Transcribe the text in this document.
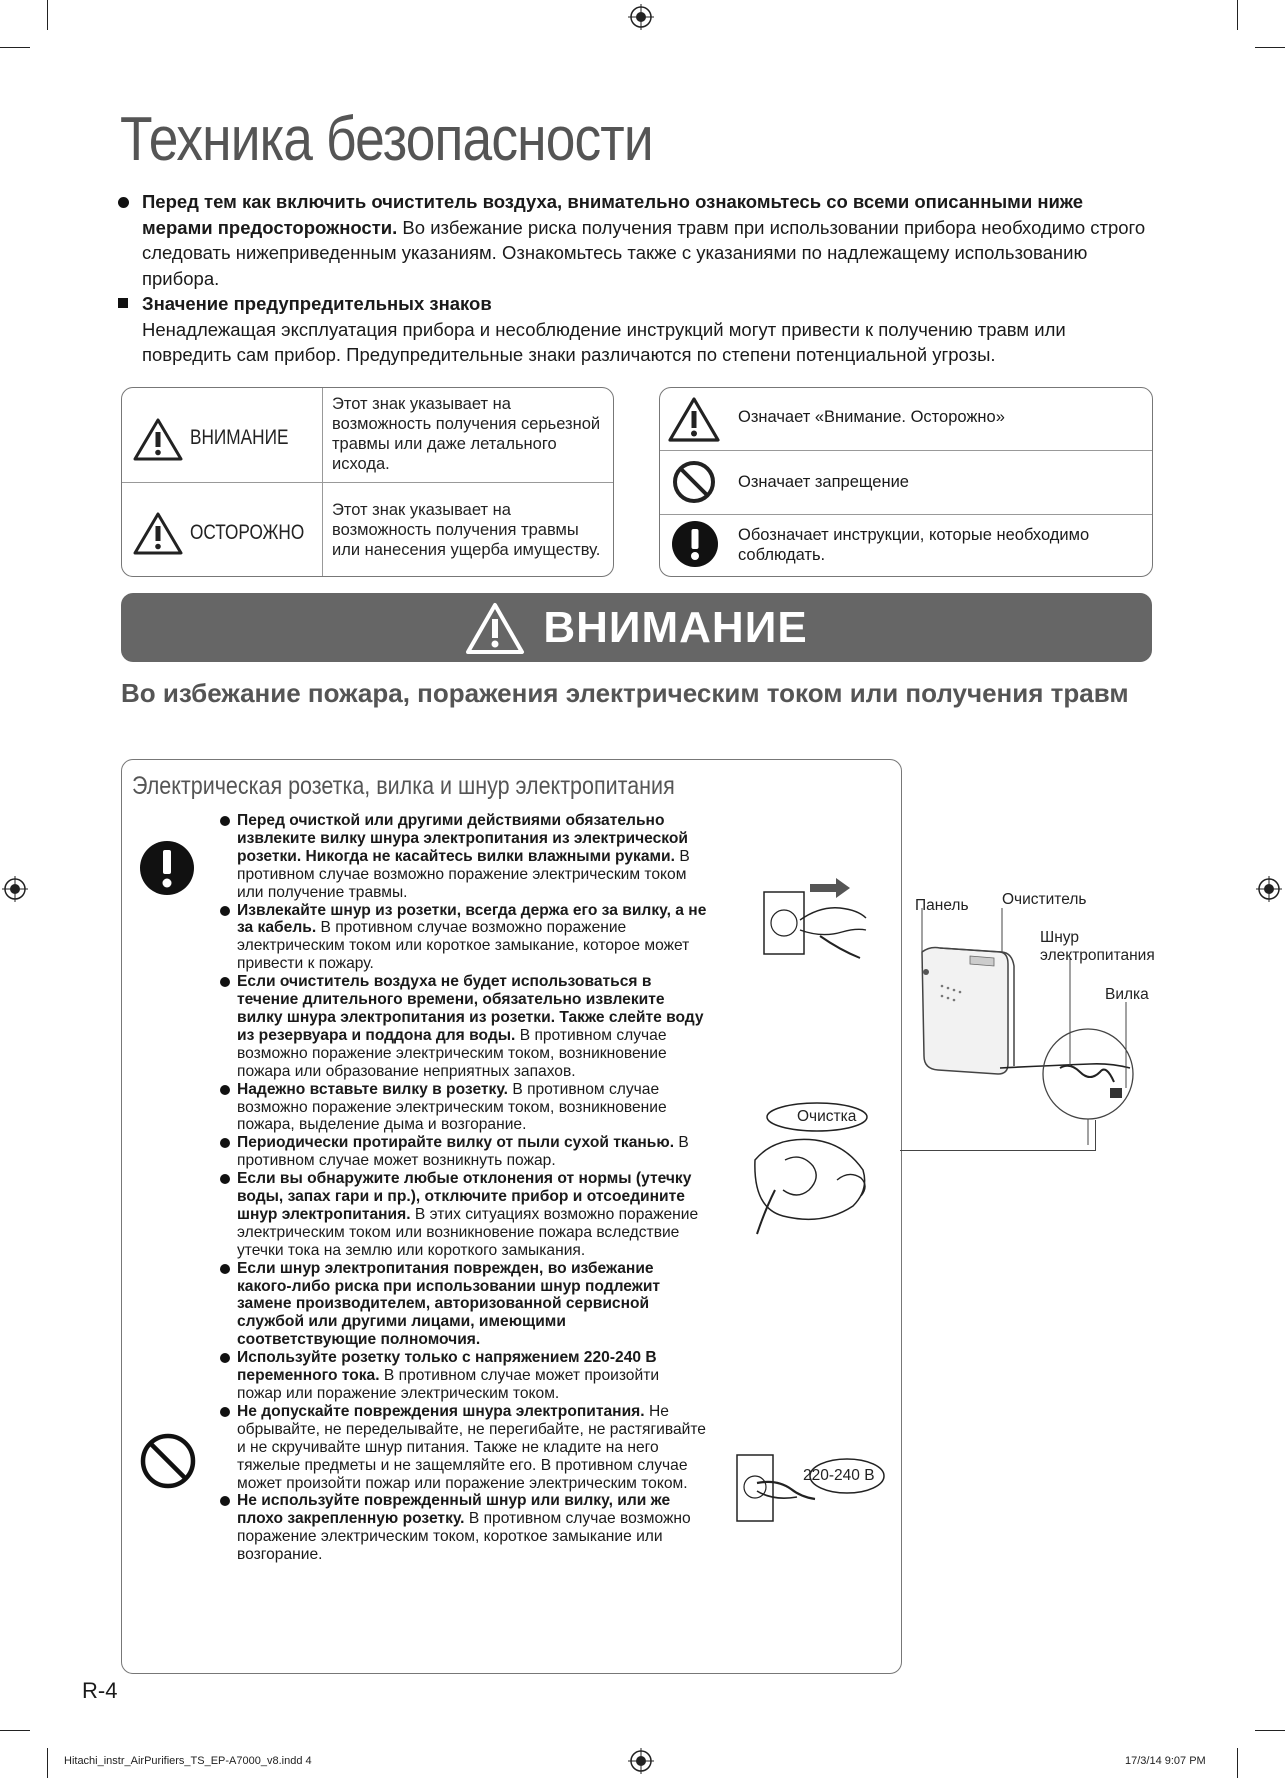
Техника безопасности

Перед тем как включить очиститель воздуха, внимательно ознакомьтесь со всеми описанными ниже мерами предосторожности. Во избежание риска получения травм при использовании прибора необходимо строго следовать нижеприведенным указаниям. Ознакомьтесь также с указаниями по надлежащему использованию прибора.

Значение предупредительных знаков
Ненадлежащая эксплуатация прибора и несоблюдение инструкций могут привести к получению травм или повредить сам прибор. Предупредительные знаки различаются по степени потенциальной угрозы.

ВНИМАНИЕ
Этот знак указывает на возможность получения серьезной травмы или даже летального исхода.
ОСТОРОЖНО
Этот знак указывает на возможность получения травмы или нанесения ущерба имуществу.
Означает «Внимание. Осторожно»
Означает запрещение
Обозначает инструкции, которые необходимо соблюдать.
ВНИМАНИЕ
Во избежание пожара, поражения электрическим током или получения травм
Электрическая розетка, вилка и шнур электропитания

Перед очисткой или другими действиями обязательно извлеките вилку шнура электропитания из электрической розетки. Никогда не касайтесь вилки влажными руками. В противном случае возможно поражение электрическим током или получение травмы.

Извлекайте шнур из розетки, всегда держа его за вилку, а не за кабель. В противном случае возможно поражение электрическим током или короткое замыкание, которое может привести к пожару.

Если очиститель воздуха не будет использоваться в течение длительного времени, обязательно извлеките вилку шнура электропитания из розетки. Также слейте воду из резервуара и поддона для воды. В противном случае возможно поражение электрическим током, возникновение пожара или образование неприятных запахов.

Надежно вставьте вилку в розетку. В противном случае возможно поражение электрическим током, возникновение пожара, выделение дыма и возгорание.

Периодически протирайте вилку от пыли сухой тканью. В противном случае может возникнуть пожар.

Если вы обнаружите любые отклонения от нормы (утечку воды, запах гари и пр.), отключите прибор и отсоедините шнур электропитания. В этих ситуациях возможно поражение электрическим током или возникновение пожара вследствие утечки тока на землю или короткого замыкания.

Если шнур электропитания поврежден, во избежание какого-либо риска при использовании шнур подлежит замене производителем, авторизованной сервисной службой или другими лицами, имеющими соответствующие полномочия.

Используйте розетку только с напряжением 220-240 В переменного тока. В противном случае может произойти пожар или поражение электрическим током.

Не допускайте повреждения шнура электропитания. Не обрывайте, не переделывайте, не перегибайте, не растягивайте и не скручивайте шнур питания. Также не кладите на него тяжелые предметы и не защемляйте его. В противном случае может произойти пожар или поражение электрическим током.

Не используйте поврежденный шнур или вилку, или же плохо закрепленную розетку. В противном случае возможно поражение электрическим током, короткое замыкание или возгорание.

Панель Очиститель
Шнур электропитания
Вилка
Очистка
220-240 В
R-4
Hitachi_instr_AirPurifiers_TS_EP-A7000_v8.indd 4	17/3/14 9:07 PM
